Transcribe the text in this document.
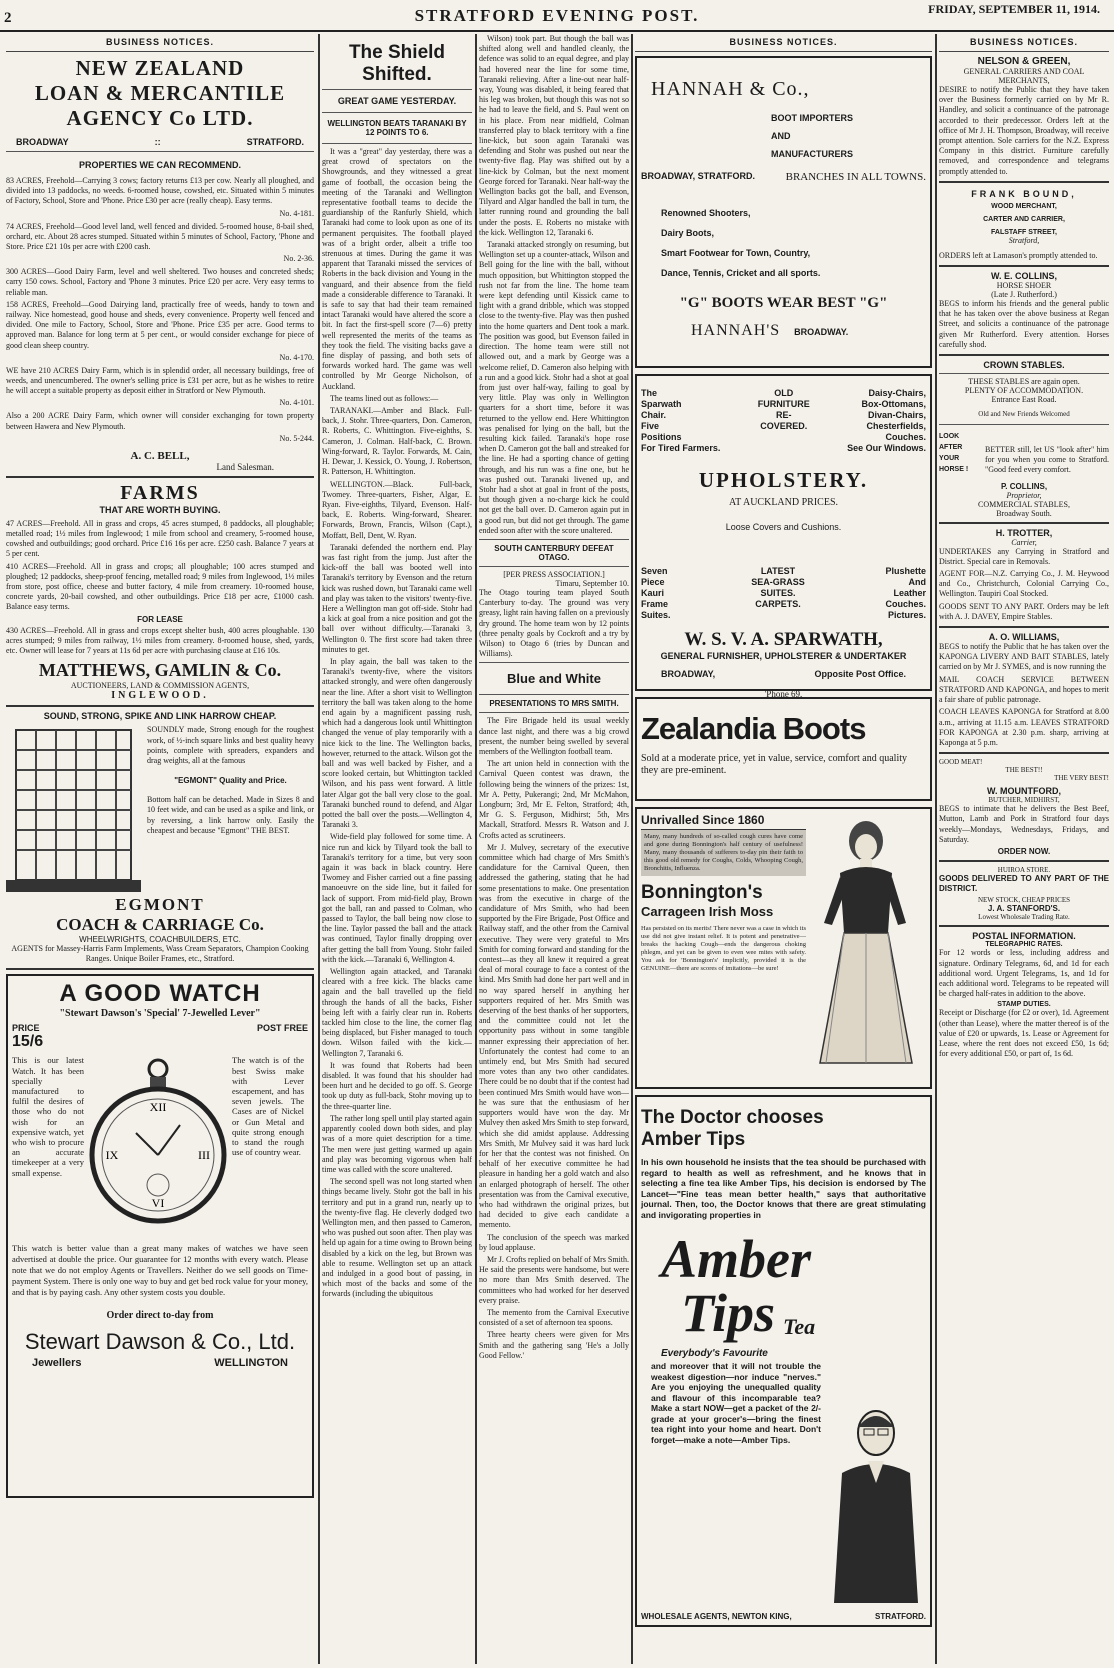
2	STRATFORD EVENING POST.	FRIDAY, SEPTEMBER 11, 1914.
BUSINESS NOTICES.
NEW ZEALAND
LOAN & MERCANTILE
AGENCY Co LTD.
BROADWAY	::	STRATFORD.
PROPERTIES WE CAN RECOMMEND.

83 ACRES, Freehold—Carrying 3 cows; factory returns £13 per cow. Nearly all ploughed, and divided into 13 paddocks, no weeds. 6-roomed house, cowshed, etc. Situated within 5 minutes of Factory, School, Store and 'Phone. Price £30 per acre (really cheap). Easy terms.

No. 4-181.

74 ACRES, Freehold—Good level land, well fenced and divided. 5-roomed house, 8-bail shed, orchard, etc. About 28 acres stumped. Situated within 5 minutes of School, Factory, 'Phone and Store. Price £21 10s per acre with £200 cash.

No. 2-36.

300 ACRES—Good Dairy Farm, level and well sheltered. Two houses and concreted sheds; carry 150 cows. School, Factory and 'Phone 3 minutes. Price £20 per acre. Very easy terms to reliable man.

158 ACRES, Freehold—Good Dairying land, practically free of weeds, handy to town and railway. Nice homestead, good house and sheds, every convenience. Property well fenced and divided. One mile to Factory, School, Store and 'Phone. Price £35 per acre. Good terms to approved man. Balance for long term at 5 per cent., or would consider exchange for piece of good clean sheep country.

No. 4-170.

WE have 210 ACRES Dairy Farm, which is in splendid order, all necessary buildings, free of weeds, and unencumbered. The owner's selling price is £31 per acre, but as he wishes to retire he will accept a suitable property as deposit either in Stratford or New Plymouth.

No. 4-101.

Also a 200 ACRE Dairy Farm, which owner will consider exchanging for town property between Hawera and New Plymouth.

No. 5-244.
A. C. BELL,
Land Salesman.
FARMS
THAT ARE WORTH BUYING.

47 ACRES—Freehold. All in grass and crops, 45 acres stumped, 8 paddocks, all ploughable; metalled road; 1½ miles from Inglewood; 1 mile from school and creamery, 5-roomed house, cowshed and outbuildings; good orchard. Price £16 16s per acre. £250 cash. Balance 7 years at 5 per cent.

410 ACRES—Freehold. All in grass and crops; all ploughable; 100 acres stumped and ploughed; 12 paddocks, sheep-proof fencing, metalled road; 9 miles from Inglewood, 1½ miles from store, post office, cheese and butter factory, 4 mile from creamery. 10-roomed house, concrete yards, 20-bail cowshed, and other outbuildings. Price £18 per acre, £1000 cash. Balance easy terms.

FOR LEASE

430 ACRES—Freehold. All in grass and crops except shelter bush, 400 acres ploughable. 130 acres stumped; 9 miles from railway, 1½ miles from creamery. 8-roomed house, shed, yards, etc. Owner will lease for 7 years at 11s 6d per acre with purchasing clause at £16 10s.

MATTHEWS, GAMLIN & Co.
AUCTIONEERS, LAND & COMMISSION AGENTS,
INGLEWOOD.
SOUND, STRONG, SPIKE AND LINK HARROW CHEAP.

SOUNDLY made, Strong enough for the roughest work, of ½-inch square links and best quality heavy points, complete with spreaders, expanders and drag weights, all at the famous

"EGMONT" Quality and Price.

Bottom half can be detached. Made in Sizes 8 and 10 feet wide, and can be used as a spike and link, or by reversing, a link harrow only. Easily the cheapest and because "Egmont" THE BEST.

EGMONT
COACH & CARRIAGE Co.
WHEELWRIGHTS, COACHBUILDERS, ETC.
AGENTS for Massey-Harris Farm Implements, Wass Cream Separators, Champion Cooking Ranges. Unique Boiler Frames, etc., Stratford.
A GOOD WATCH
"Stewart Dawson's 'Special' 7-Jewelled Lever"
PRICE
15/6
POST FREE

This is our latest Watch. It has been specially manufactured to fulfil the desires of those who do not wish for an expensive watch, yet who wish to procure an accurate timekeeper at a very small expense.

XII
III
VI
IX

The watch is of the best Swiss make with Lever escapement, and has seven jewels. The Cases are of Nickel or Gun Metal and quite strong enough to stand the rough use of country wear.

This watch is better value than a great many makes of watches we have seen advertised at double the price. Our guarantee for 12 months with every watch. Please note that we do not employ Agents or Travellers. Neither do we sell goods on Time-payment System. There is only one way to buy and get bed rock value for your money, and that is by paying cash. Any other system costs you double.

Order direct to-day from
Stewart Dawson & Co., Ltd.
Jewellers	WELLINGTON
The Shield Shifted.
GREAT GAME YESTERDAY.
WELLINGTON BEATS TARANAKI BY 12 POINTS TO 6.

It was a "great" day yesterday, there was a great crowd of spectators on the Showgrounds, and they witnessed a great game of football, the occasion being the meeting of the Taranaki and Wellington representative football teams to decide the guardianship of the Ranfurly Shield, which Taranaki had come to look upon as one of its permanent perquisites. The football played was of a bright order, albeit a trifle too strenuous at times. During the game it was apparent that Taranaki missed the services of Roberts in the back division and Young in the vanguard, and their absence from the field made a considerable difference to Taranaki. It is safe to say that had their team remained intact Taranaki would have altered the score a bit. In fact the first-spell score (7—6) pretty well represented the merits of the teams as they took the field. The visiting backs gave a fine display of passing, and both sets of forwards worked hard. The game was well controlled by Mr George Nicholson, of Auckland.

The teams lined out as follows:—

TARANAKI.—Amber and Black. Full-back, J. Stohr. Three-quarters, Don. Cameron, R. Roberts, C. Whittington. Five-eighths, S. Cameron, J. Colman. Half-back, C. Brown. Wing-forward, R. Taylor. Forwards, M. Cain, H. Dewar, J. Kessick, O. Young, J. Robertson, R. Patterson, H. Whittington.

WELLINGTON.—Black. Full-back, Twomey. Three-quarters, Fisher, Algar, E. Ryan. Five-eighths, Tilyard, Evenson. Half-back, E. Roberts. Wing-forward, Shearer. Forwards, Brown, Francis, Wilson (Capt.), Moffatt, Bell, Dent, W. Ryan.

Taranaki defended the northern end. Play was fast right from the jump. Just after the kick-off the ball was booted well into Taranaki's territory by Evenson and the return kick was rushed down, but Taranaki came well and play was taken to the visitors' twenty-five. Here a Wellington man got off-side. Stohr had a kick at goal from a nice position and got the ball over without difficulty.—Taranaki 3, Wellington 0. The first score had taken three minutes to get.

In play again, the ball was taken to the Taranaki's twenty-five, where the visitors attacked strongly, and were often dangerously near the line. After a short visit to Wellington territory the ball was taken along to the home end again by a magnificent passing rush, which had a dangerous look until Whittington changed the venue of play temporarily with a nice kick to the line. The Wellington backs, however, returned to the attack. Wilson got the ball and was well backed by Fisher, and a score looked certain, but Whittington tackled Wilson, and his pass went forward. A little later Algar got the ball very close to the goal. Taranaki bunched round to defend, and Algar potted the ball over the posts.—Wellington 4, Taranaki 3.

Wide-field play followed for some time. A nice run and kick by Tilyard took the ball to Taranaki's territory for a time, but very soon again it was back in black country. Here Twomey and Fisher carried out a fine passing manoeuvre on the side line, but it failed for lack of support. From mid-field play, Brown got the ball, ran and passed to Colman, who passed to Taylor, the ball being now close to the line. Taylor passed the ball and the attack was continued, Taylor finally dropping over after getting the ball from Young. Stohr failed with the kick.—Taranaki 6, Wellington 4.

Wellington again attacked, and Taranaki cleared with a free kick. The blacks came again and the ball travelled up the field through the hands of all the backs, Fisher being left with a fairly clear run in. Roberts tackled him close to the line, the corner flag being displaced, but Fisher managed to touch down. Wilson failed with the kick.—Wellington 7, Taranaki 6.

It was found that Roberts had been disabled. It was found that his shoulder had been hurt and he decided to go off. S. George took up duty as full-back, Stohr moving up to the three-quarter line.

The rather long spell until play started again apparently cooled down both sides, and play was of a more quiet description for a time. The men were just getting warmed up again and play was becoming vigorous when half time was called with the score unaltered.

The second spell was not long started when things became lively. Stohr got the ball in his territory and put in a grand run, nearly up to the twenty-five flag. He cleverly dodged two Wellington men, and then passed to Cameron, who was pushed out soon after. Then play was held up again for a time owing to Brown being disabled by a kick on the leg, but Brown was able to resume. Wellington set up an attack and indulged in a good bout of passing, in which most of the backs and some of the forwards (including the ubiquitous

Wilson) took part. But though the ball was shifted along well and handled cleanly, the defence was solid to an equal degree, and play had hovered near the line for some time, Taranaki relieving. After a line-out near half-way, Young was disabled, it being feared that his leg was broken, but though this was not so he had to leave the field, and S. Paul went on in his place. From near midfield, Colman transferred play to black territory with a fine line-kick, but soon again Taranaki was defending and Stohr was pushed out near the twenty-five flag. Play was shifted out by a line-kick by Colman, but the next moment George forced for Taranaki. Near half-way the Wellington backs got the ball, and Evenson, Tilyard and Algar handled the ball in turn, the latter running round and grounding the ball under the posts. E. Roberts no mistake with the kick. Wellington 12, Taranaki 6.

Taranaki attacked strongly on resuming, but Wellington set up a counter-attack, Wilson and Bell going for the line with the ball, without much opposition, but Whittington stopped the rush not far from the line. The home team were kept defending until Kissick came to light with a grand dribble, which was stopped close to the twenty-five. Play was then pushed into the home quarters and Dent took a mark. The position was good, but Evenson failed in direction. The home team were still not allowed out, and a mark by George was a welcome relief, D. Cameron also helping with a run and a good kick. Stohr had a shot at goal from just over half-way, failing to goal by very little. Play was only in Wellington quarters for a short time, before it was returned to the yellow end. Here Whittington was penalised for lying on the ball, but the resulting kick failed. Taranaki's hope rose when D. Cameron got the ball and streaked for the line. He had a sporting chance of getting through, and his run was a fine one, but he was pushed out. Taranaki livened up, and Stohr had a shot at goal in front of the posts, but though given a no-charge kick he could not get the ball over. D. Cameron again put in a good run, but did not get through. The game ended soon after with the score unaltered.

SOUTH CANTERBURY DEFEAT OTAGO.
[PER PRESS ASSOCIATION.]
Timaru, September 10.

The Otago touring team played South Canterbury to-day. The ground was very greasy, light rain having fallen on a previously dry ground. The home team won by 12 points (three penalty goals by Cockroft and a try by Wilson) to Otago 6 (tries by Duncan and Williams).

Blue and White
PRESENTATIONS TO MRS SMITH.

The Fire Brigade held its usual weekly dance last night, and there was a big crowd present, the number being swelled by several members of the Wellington football team.

The art union held in connection with the Carnival Queen contest was drawn, the following being the winners of the prizes: 1st, Mr A. Petty, Pukerangi; 2nd, Mr McMahon, Longburn; 3rd, Mr E. Felton, Stratford; 4th, Mr G. S. Ferguson, Midhirst; 5th, Mrs Mackall, Stratford. Messrs R. Watson and J. Crofts acted as scrutineers.

Mr J. Mulvey, secretary of the executive committee which had charge of Mrs Smith's candidature for the Carnival Queen, then addressed the gathering, stating that he had some presentations to make. One presentation was from the executive in charge of the candidature of Mrs Smith, who had been supported by the Fire Brigade, Post Office and Railway staff, and the other from the Carnival executive. They were very grateful to Mrs Smith for coming forward and standing for the contest—as they all knew it required a great deal of moral courage to face a contest of the kind. Mrs Smith had done her part well and in no way spared herself in anything her supporters required of her. Mrs Smith was deserving of the best thanks of her supporters, and the committee could not let the opportunity pass without in some tangible manner expressing their appreciation of her. Unfortunately the contest had come to an untimely end, but Mrs Smith had secured more votes than any two other candidates. There could be no doubt that if the contest had been continued Mrs Smith would have won—he was sure that the enthusiasm of her supporters would have won the day. Mr Mulvey then asked Mrs Smith to step forward, which she did amidst applause. Addressing Mrs Smith, Mr Mulvey said it was hard luck for her that the contest was not finished. On behalf of her executive committee he had pleasure in handing her a gold watch and also an enlarged photograph of herself. The other presentation was from the Carnival executive, who had withdrawn the original prizes, but had decided to give each candidate a memento.

The conclusion of the speech was marked by loud applause.

Mr J. Crofts replied on behalf of Mrs Smith. He said the presents were handsome, but were no more than Mrs Smith deserved. The committees who had worked for her deserved every praise.

The memento from the Carnival Executive consisted of a set of afternoon tea spoons.

Three hearty cheers were given for Mrs Smith and the gathering sang 'He's a Jolly Good Fellow.'

BUSINESS NOTICES.
HANNAH & Co.,
BOOT IMPORTERS
AND
MANUFACTURERS
BROADWAY, STRATFORD.	BRANCHES IN ALL TOWNS.
Renowned Shooters,
Dairy Boots,
Smart Footwear for Town, Country,
Dance, Tennis, Cricket and all sports.
"G" BOOTS WEAR BEST "G"
HANNAH'S BROADWAY.
The
Sparwath
Chair.
Five
Positions
For Tired Farmers.
OLD
FURNITURE
RE-
COVERED.
Daisy-Chairs,
Box-Ottomans,
Divan-Chairs,
Chesterfields,
Couches.
See Our Windows.
UPHOLSTERY.
AT AUCKLAND PRICES.
Loose Covers and Cushions.
Seven
Piece
Kauri
Frame
Suites.
LATEST
SEA-GRASS
SUITES.
CARPETS.
Plushette
And
Leather
Couches.
Pictures.
W. S. V. A. SPARWATH,
GENERAL FURNISHER, UPHOLSTERER & UNDERTAKER
BROADWAY,	Opposite Post Office.
'Phone 69.
Zealandia Boots
Sold at a moderate price, yet in value, service, comfort and quality they are pre-eminent.
Unrivalled Since 1860

Many, many hundreds of so-called cough cures have come and gone during Bonnington's half century of usefulness! Many, many thousands of sufferers to-day pin their faith to this good old remedy for Coughs, Colds, Whooping Cough, Bronchitis, Influenza.

Bonnington's
Carrageen Irish Moss

Has persisted on its merits! There never was a case in which its use did not give instant relief. It is potent and penetrative—breaks the hacking Cough—ends the dangerous choking phlegm, and yet can be given to even wee mites with safety. You ask for 'Bonnington's' implicitly, provided it is the GENUINE—there are scores of imitations—be sure!

The Doctor chooses
Amber Tips

In his own household he insists that the tea should be purchased with regard to health as well as refreshment, and he knows that in selecting a fine tea like Amber Tips, his decision is endorsed by The Lancet—"Fine teas mean better health," says that authoritative journal. Then, too, the Doctor knows that there are great stimulating and invigorating properties in

Amber
Tips Tea
Everybody's Favourite

and moreover that it will not trouble the weakest digestion—nor induce "nerves." Are you enjoying the unequalled quality and flavour of this incomparable tea? Make a start NOW—get a packet of the 2/- grade at your grocer's—bring the finest tea right into your home and heart. Don't forget—make a note—Amber Tips.

WHOLESALE AGENTS, NEWTON KING,	STRATFORD.
BUSINESS NOTICES.
NELSON & GREEN,
GENERAL CARRIERS AND COAL MERCHANTS,

DESIRE to notify the Public that they have taken over the Business formerly carried on by Mr R. Handley, and solicit a continuance of the patronage accorded to their predecessor. Orders left at the office of Mr J. H. Thompson, Broadway, will receive prompt attention. Sole carriers for the N.Z. Express Company in this district. Furniture carefully removed, and correspondence and telegrams promptly attended to.

FRANK BOUND,
WOOD MERCHANT,
CARTER AND CARRIER,
FALSTAFF STREET,
Stratford,

ORDERS left at Lamason's promptly attended to.

W. E. COLLINS,
HORSE SHOER
(Late J. Rutherford.)

BEGS to inform his friends and the general public that he has taken over the above business at Regan Street, and solicits a continuance of the patronage given Mr Rutherford. Every attention. Horses carefully shod.

CROWN STABLES.
THESE STABLES are again open.
PLENTY OF ACCOMMODATION.
Entrance East Road.
Old and New Friends Welcomed
LOOK
AFTER
YOUR
HORSE !

BETTER still, let US "look after" him for you when you come to Stratford. "Good feed every comfort.

P. COLLINS,
Proprietor,
COMMERCIAL STABLES,
Broadway South.
H. TROTTER,
Carrier,

UNDERTAKES any Carrying in Stratford and District. Special care in Removals.

AGENT FOR—N.Z. Carrying Co., J. M. Heywood and Co., Christchurch, Colonial Carrying Co., Wellington. Taupiri Coal Stocked.

GOODS SENT TO ANY PART. Orders may be left with A. J. DAVEY, Empire Stables.

A. O. WILLIAMS,

BEGS to notify the Public that he has taken over the KAPONGA LIVERY AND BAIT STABLES, lately carried on by Mr J. SYMES, and is now running the

MAIL COACH SERVICE BETWEEN STRATFORD AND KAPONGA, and hopes to merit a fair share of public patronage.

COACH LEAVES KAPONGA for Stratford at 8.00 a.m., arriving at 11.15 a.m. LEAVES STRATFORD FOR KAPONGA at 2.30 p.m. sharp, arriving at Kaponga at 5 p.m.

GOOD MEAT!
THE BEST!!
THE VERY BEST!
W. MOUNTFORD,
BUTCHER, MIDHIRST,

BEGS to intimate that he delivers the Best Beef, Mutton, Lamb and Pork in Stratford four days weekly—Mondays, Wednesdays, Fridays, and Saturday.

ORDER NOW.
HUIROA STORE.

GOODS DELIVERED TO ANY PART OF THE DISTRICT.

NEW STOCK, CHEAP PRICES
J. A. STANFORD'S.
Lowest Wholesale Trading Rate.
POSTAL INFORMATION.
TELEGRAPHIC RATES.

For 12 words or less, including address and signature. Ordinary Telegrams, 6d, and 1d for each additional word. Urgent Telegrams, 1s, and 1d for each additional word. Telegrams to be repeated will be charged half-rates in addition to the above.

STAMP DUTIES.

Receipt or Discharge (for £2 or over), 1d. Agreement (other than Lease), where the matter thereof is of the value of £20 or upwards, 1s. Lease or Agreement for Lease, where the rent does not exceed £50, 1s 6d; for every additional £50, or part of, 1s 6d.
